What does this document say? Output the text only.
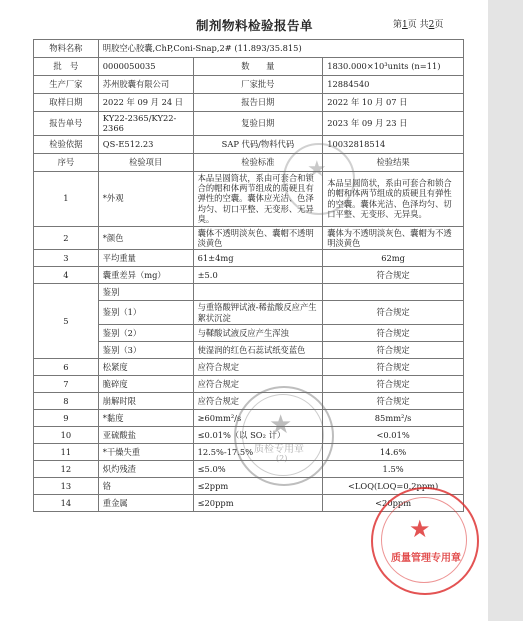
制剂物料检验报告单	第1页 共2页
物料名称	明胶空心胶囊,ChP,Coni-Snap,2# (11.893/35.815)		
批　号	0000050035	数　　量	1830.000×10³units (n=11)
生产厂家	苏州胶囊有限公司	厂家批号	12884540
取样日期	2022 年 09 月 24 日	报告日期	2022 年 10 月 07 日
报告单号	KY22-2365/KY22-2366	复验日期	2023 年 09 月 23 日
检验依据	QS-E512.23	SAP 代码/物料代码	10032818514
序号	检验项目	检验标准	检验结果
1	*外观	本品呈圆筒状，系由可套合和锁合的帽和体两节组成的质硬且有弹性的空囊。囊体应光洁、色泽均匀、切口平整、无变形、无异臭。	本品呈圆筒状，系由可套合和锁合的帽和体两节组成的质硬且有弹性的空囊。囊体光洁、色泽均匀、切口平整、无变形、无异臭。
2	*颜色	囊体不透明淡灰色、囊帽不透明淡黄色	囊体为不透明淡灰色、囊帽为不透明淡黄色
3	平均重量	61±4mg	62mg
4	囊重差异（mg）	±5.0	符合规定
5	鉴别		
	鉴别（1）	与重铬酸钾试液-稀盐酸反应产生絮状沉淀	符合规定
	鉴别（2）	与鞣酸试液反应产生浑浊	符合规定
	鉴别（3）	使湿润的红色石蕊试纸变蓝色	符合规定
6	松紧度	应符合规定	符合规定
7	脆碎度	应符合规定	符合规定
8	崩解时限	应符合规定	符合规定
9	*黏度	≥60mm²/s	85mm²/s
10	亚硫酸盐	≤0.01%（以 SO₂ 计）	<0.01%
11	*干燥失重	12.5%-17.5%	14.6%
12	炽灼残渣	≤5.0%	1.5%
13	铬	≤2ppm	<LOQ(LOQ=0.2ppm)
14	重金属	≤20ppm	<20ppm
★
★
质检专用章
(2)
★
质量管理专用章
